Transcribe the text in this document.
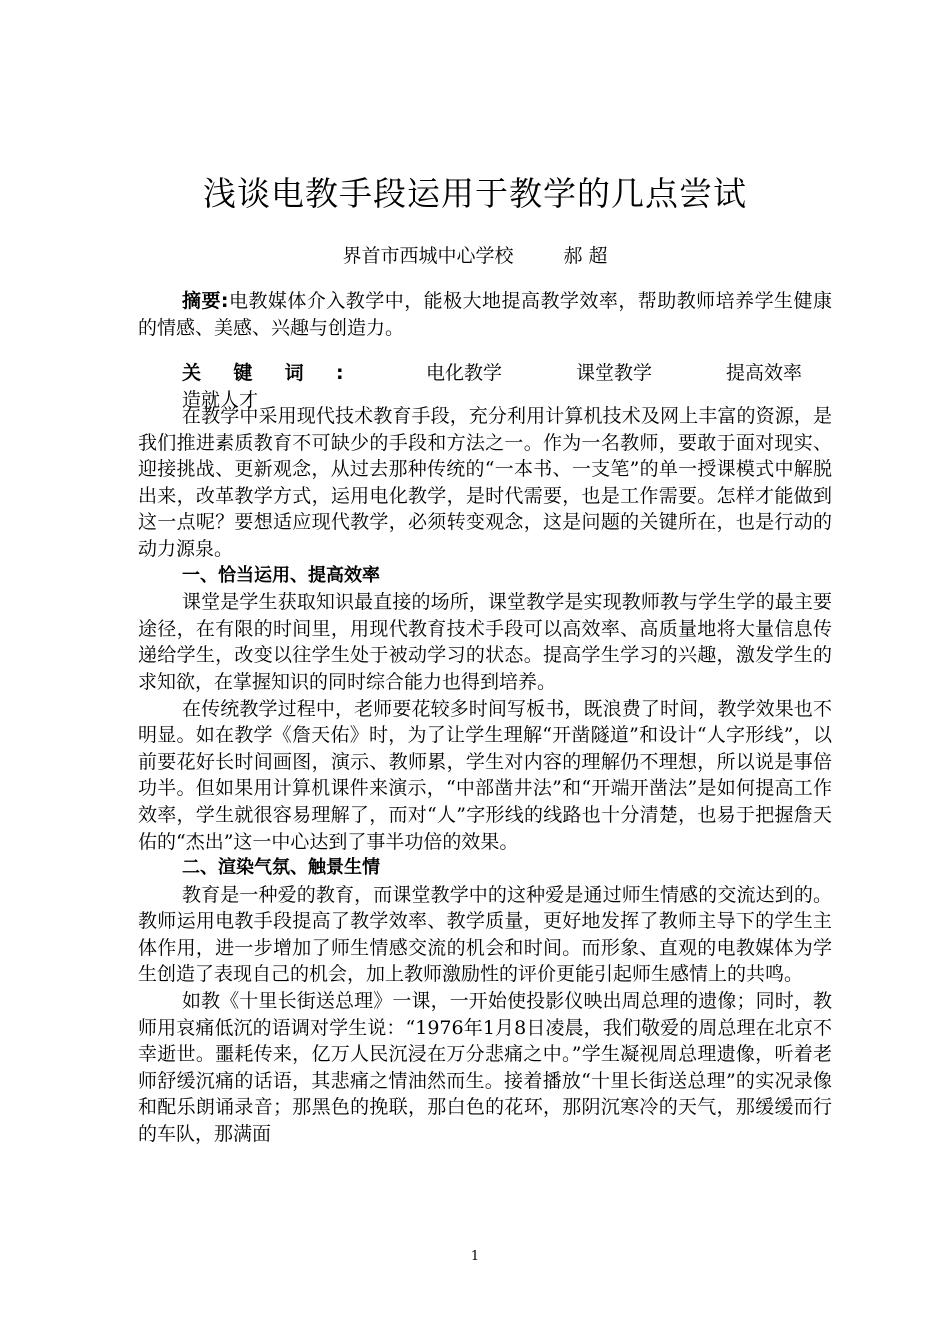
浅谈电教手段运用于教学的几点尝试
界首市西城中心学校	郝 超
摘要:电教媒体介入教学中，能极大地提高教学效率，帮助教师培养学生健康的情感、美感、兴趣与创造力。
关键词:	电化教学	课堂教学	提高效率造就人才

在教学中采用现代技术教育手段，充分利用计算机技术及网上丰富的资源，是我们推进素质教育不可缺少的手段和方法之一。作为一名教师，要敢于面对现实、迎接挑战、更新观念，从过去那种传统的“一本书、一支笔”的单一授课模式中解脱出来，改革教学方式，运用电化教学，是时代需要，也是工作需要。怎样才能做到这一点呢？要想适应现代教学，必须转变观念，这是问题的关键所在，也是行动的动力源泉。

一、恰当运用、提高效率

课堂是学生获取知识最直接的场所，课堂教学是实现教师教与学生学的最主要途径，在有限的时间里，用现代教育技术手段可以高效率、高质量地将大量信息传递给学生，改变以往学生处于被动学习的状态。提高学生学习的兴趣，激发学生的求知欲，在掌握知识的同时综合能力也得到培养。

在传统教学过程中，老师要花较多时间写板书，既浪费了时间，教学效果也不明显。如在教学《詹天佑》时，为了让学生理解“开凿隧道”和设计“人字形线”，以前要花好长时间画图，演示、教师累，学生对内容的理解仍不理想，所以说是事倍功半。但如果用计算机课件来演示，“中部凿井法”和“开端开凿法”是如何提高工作效率，学生就很容易理解了，而对“人”字形线的线路也十分清楚，也易于把握詹天佑的“杰出”这一中心达到了事半功倍的效果。

二、渲染气氛、触景生情

教育是一种爱的教育，而课堂教学中的这种爱是通过师生情感的交流达到的。教师运用电教手段提高了教学效率、教学质量，更好地发挥了教师主导下的学生主体作用，进一步增加了师生情感交流的机会和时间。而形象、直观的电教媒体为学生创造了表现自己的机会，加上教师激励性的评价更能引起师生感情上的共鸣。

如教《十里长街送总理》一课，一开始使投影仪映出周总理的遗像；同时，教师用哀痛低沉的语调对学生说：“1976年1月8日凌晨，我们敬爱的周总理在北京不幸逝世。噩耗传来，亿万人民沉浸在万分悲痛之中。”学生凝视周总理遗像，听着老师舒缓沉痛的话语，其悲痛之情油然而生。接着播放“十里长街送总理”的实况录像和配乐朗诵录音；那黑色的挽联，那白色的花环，那阴沉寒冷的天气，那缓缓而行的车队，那满面

1
